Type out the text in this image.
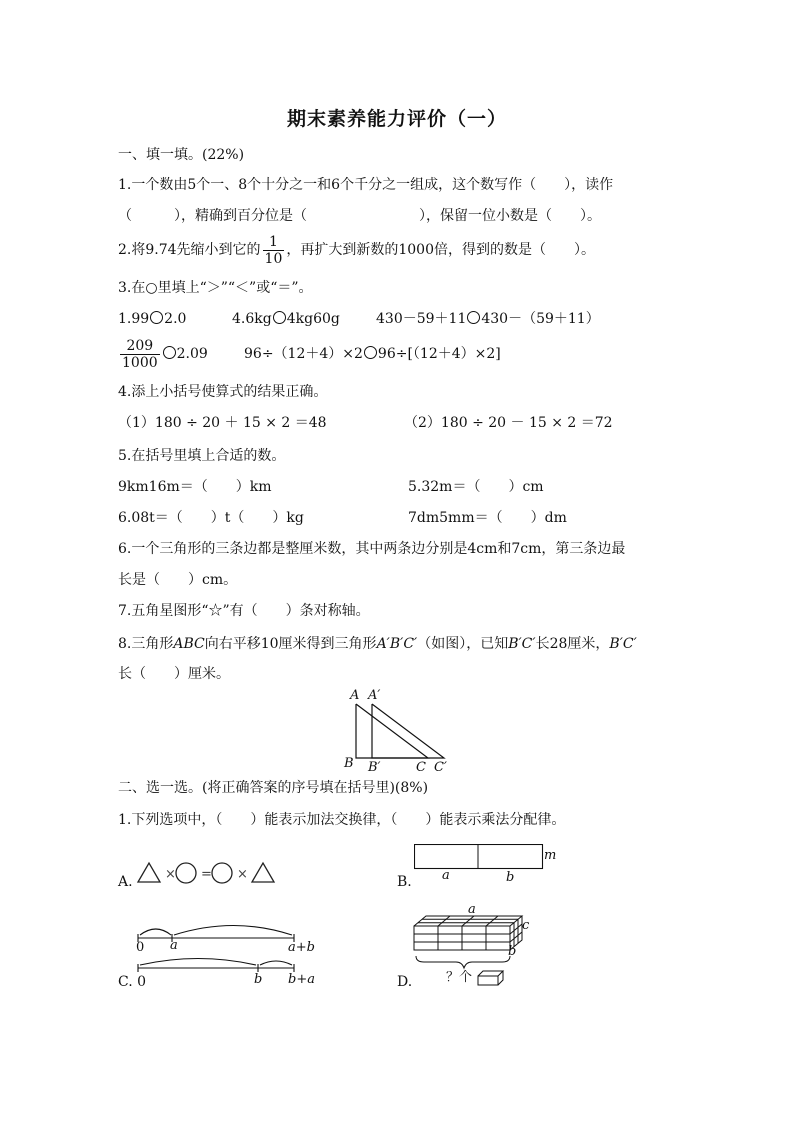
期末素养能力评价（一）
一、填一填。(22%)
1.一个数由5个一、8个十分之一和6个千分之一组成，这个数写作（　　），读作
（　　　），精确到百分位是（　　　　　　　　），保留一位小数是（　　）。
2.将9.74先缩小到它的 $\frac{1}{10}$ ，再扩大到新数的1000倍，得到的数是（　　）。
3.在○里填上“＞”“＜”或“＝”。
1.99 2.0	4.6kg 4kg60g	430－59＋11 430－（59＋11）
$\frac{209}{1000} 2.09$	96÷（12＋4）×2 96÷[（12＋4）×2]
4.添上小括号使算式的结果正确。
（1）180 ÷ 20 ＋ 15 × 2 ＝48	（2）180 ÷ 20 － 15 × 2 ＝72
5.在括号里填上合适的数。
9km16m＝（　　）km	5.32m＝（　　）cm
6.08t＝（　　）t（　　）kg	7dm5mm＝（　　）dm
6.一个三角形的三条边都是整厘米数，其中两条边分别是4cm和7cm，第三条边最
长是（　　）cm。
7.五角星图形“☆”有（　　）条对称轴。
8.三角形ABC向右平移10厘米得到三角形A′B′C′（如图），已知B′C′长28厘米，B′C′
长（　　）厘米。
A A′
B B′	C C′
二、选一选。(将正确答案的序号填在括号里)(8%)
1.下列选项中，（　　）能表示加法交换律，（　　）能表示乘法分配律。
A. × = ×	B.
m
a	b
0 a	a+b
C. 0	b b+a	D.
a
c
b
？个
